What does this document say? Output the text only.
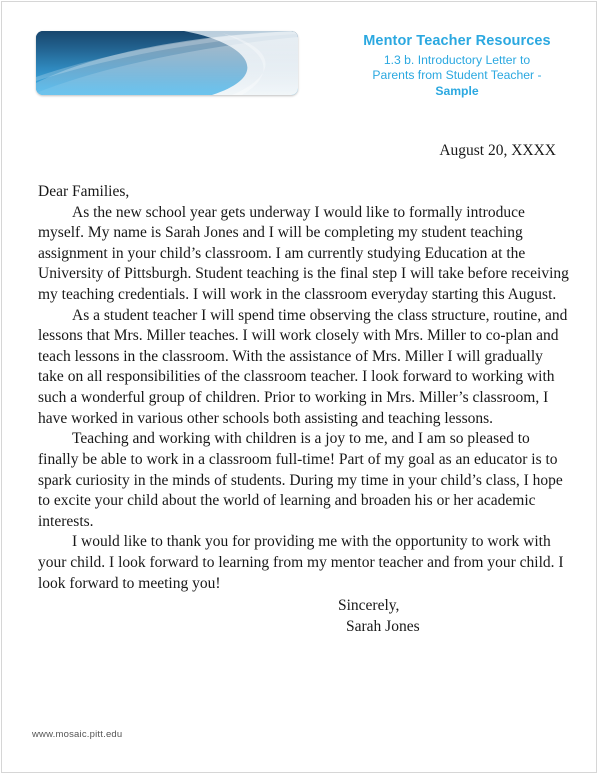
Mentor Teacher Resources
1.3 b. Introductory Letter to
Parents from Student Teacher -
Sample
August 20, XXXX
Dear Families,

As the new school year gets underway I would like to formally introduce myself. My name is Sarah Jones and I will be completing my student teaching assignment in your child’s classroom. I am currently studying Education at the University of Pittsburgh. Student teaching is the final step I will take before receiving my teaching credentials. I will work in the classroom everyday starting this August.

As a student teacher I will spend time observing the class structure, routine, and lessons that Mrs. Miller teaches. I will work closely with Mrs. Miller to co-plan and teach lessons in the classroom. With the assistance of Mrs. Miller I will gradually take on all responsibilities of the classroom teacher. I look forward to working with such a wonderful group of children. Prior to working in Mrs. Miller’s classroom, I have worked in various other schools both assisting and teaching lessons.

Teaching and working with children is a joy to me, and I am so pleased to finally be able to work in a classroom full-time! Part of my goal as an educator is to spark curiosity in the minds of students. During my time in your child’s class, I hope to excite your child about the world of learning and broaden his or her academic interests.

I would like to thank you for providing me with the opportunity to work with your child. I look forward to learning from my mentor teacher and from your child. I look forward to meeting you!

Sincerely,
Sarah Jones
www.mosaic.pitt.edu
